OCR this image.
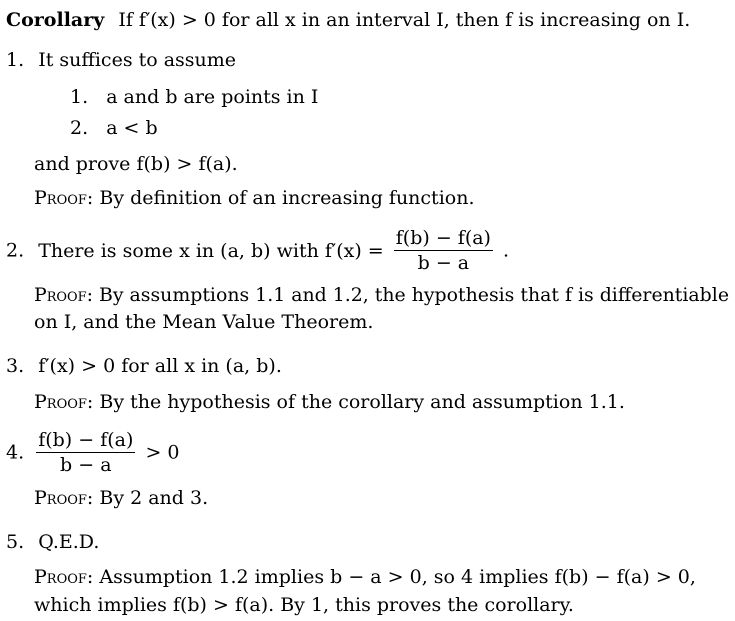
Corollary If f′(x) > 0 for all x in an interval I, then f is increasing on I.
1. It suffices to assume
1. a and b are points in I
2. a < b
and prove f(b) > f(a).
Proof: By definition of an increasing function.
2. There is some x in (a, b) with $f'(x) = \frac{f(b) - f(a)}{b - a}$ .
Proof: By assumptions 1.1 and 1.2, the hypothesis that f is differentiable
on I, and the Mean Value Theorem.
3. f′(x) > 0 for all x in (a, b).
Proof: By the hypothesis of the corollary and assumption 1.1.
4. $\frac{f(b) - f(a)}{b - a} > 0$
Proof: By 2 and 3.
5. Q.E.D.
Proof: Assumption 1.2 implies b − a > 0, so 4 implies f(b) − f(a) > 0,
which implies f(b) > f(a). By 1, this proves the corollary.
